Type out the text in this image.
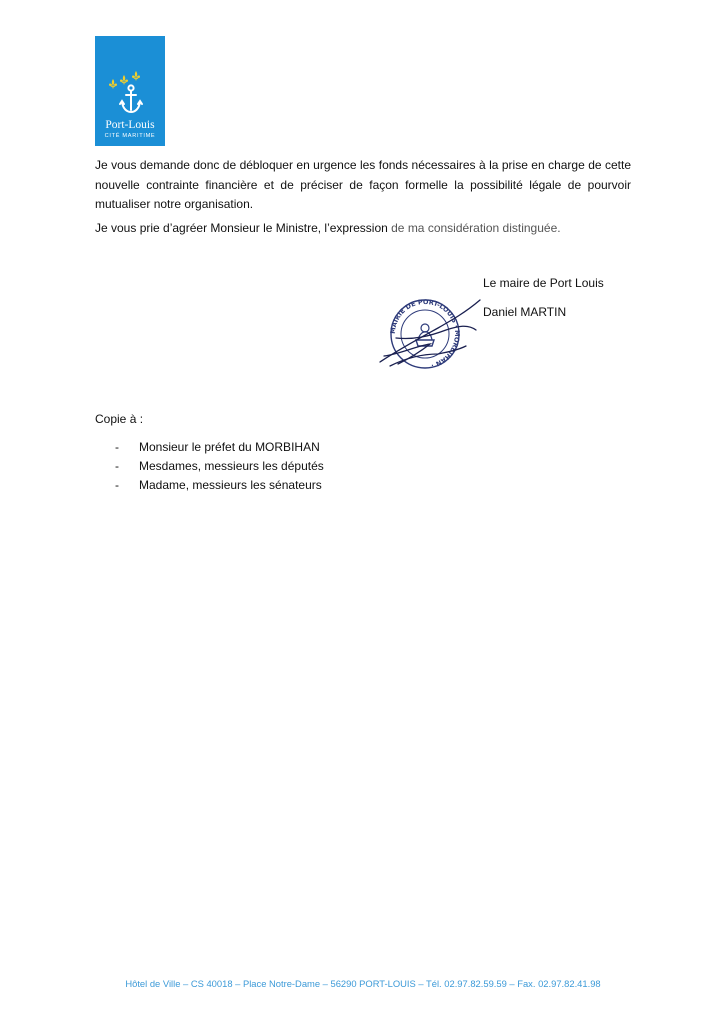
Port-Louis
CITÉ MARITIME
Je vous demande donc de débloquer en urgence les fonds nécessaires à la prise en charge de cette
nouvelle contrainte financière et de préciser de façon formelle la possibilité légale de pourvoir
mutualiser notre organisation.

Je vous prie d’agréer Monsieur le Ministre, l’expression de ma considération distinguée.

Le maire de Port Louis
Daniel MARTIN
MAIRIE DE PORT-LOUIS · MORBIHAN ·
Copie à :
- Monsieur le préfet du MORBIHAN
- Mesdames, messieurs les députés
- Madame, messieurs les sénateurs
Hôtel de Ville – CS 40018 – Place Notre-Dame – 56290 PORT-LOUIS – Tél. 02.97.82.59.59 – Fax. 02.97.82.41.98
